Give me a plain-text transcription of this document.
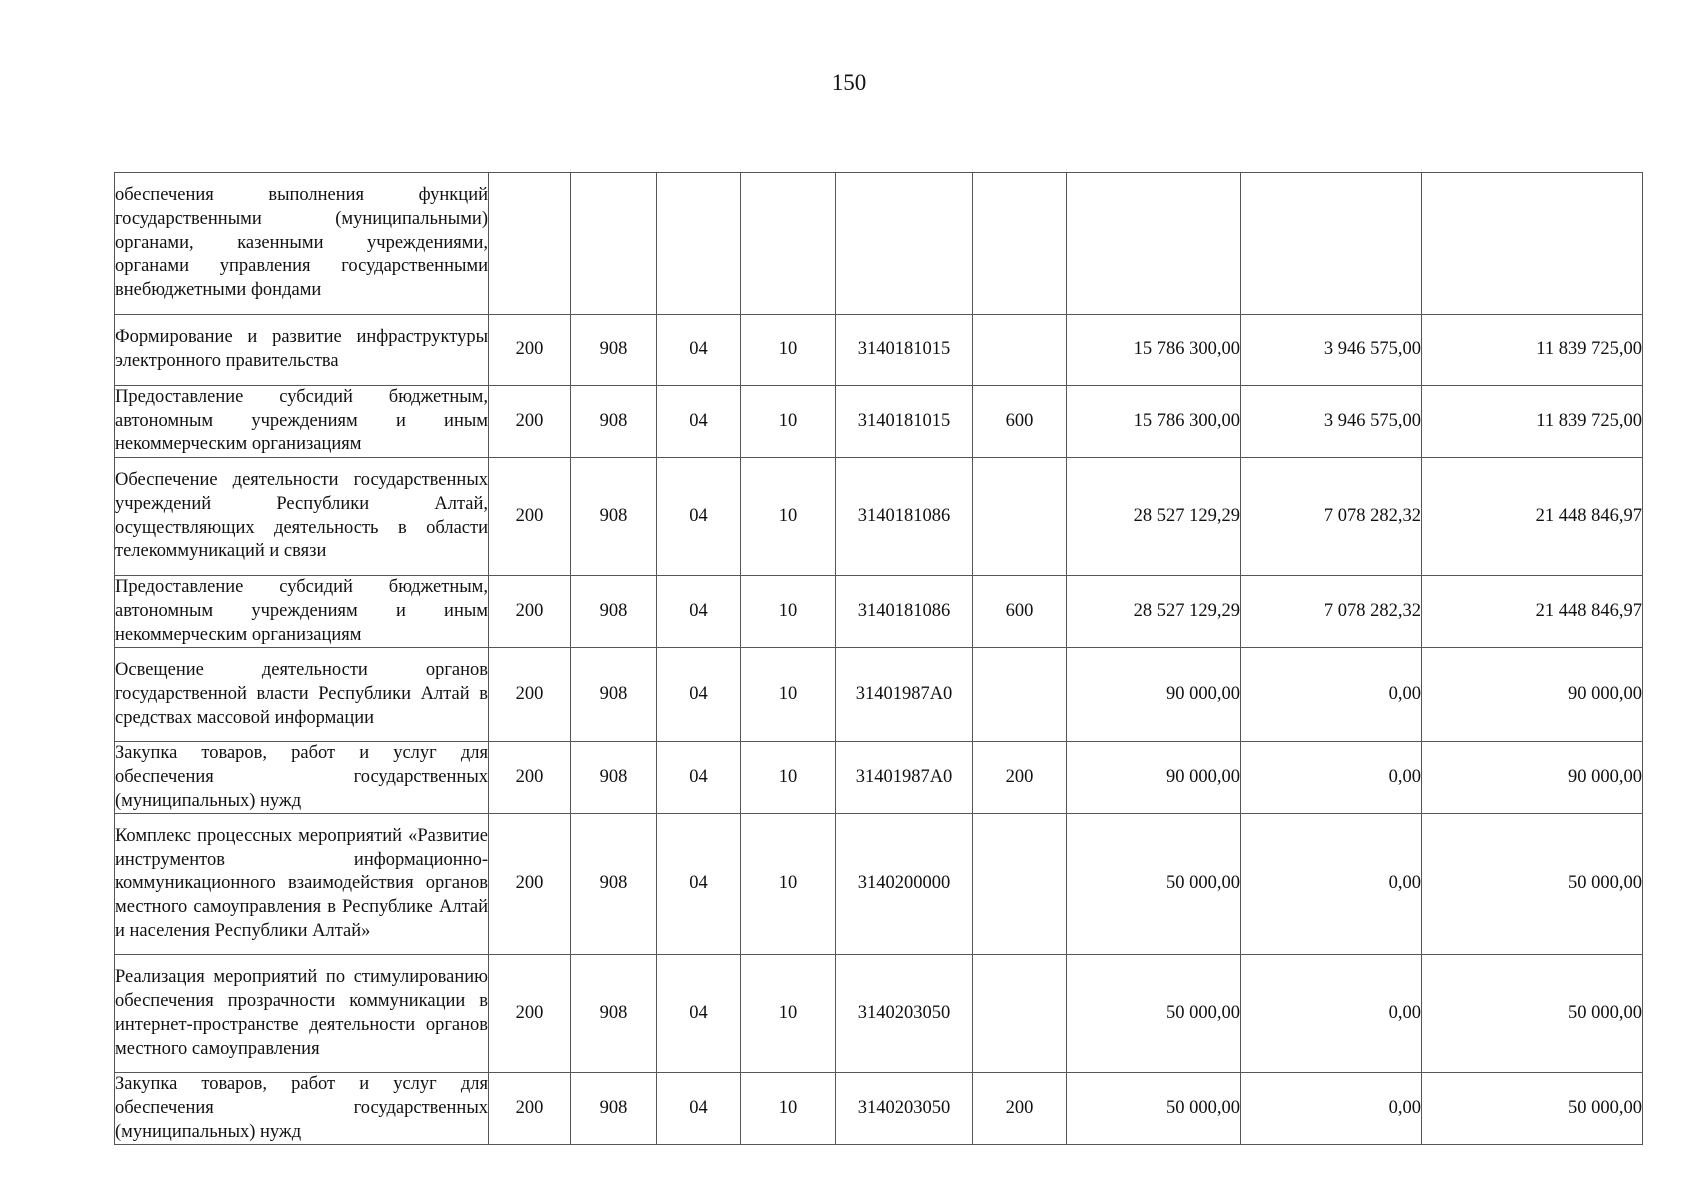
150
обеспечения выполнения функций государственными (муниципальными) органами, казенными учреждениями, органами управления государственными внебюджетными фондами									
Формирование и развитие инфраструктуры электронного правительства	200	908	04	10	3140181015		15 786 300,00	3 946 575,00	11 839 725,00
Предоставление субсидий бюджетным, автономным учреждениям и иным некоммерческим организациям	200	908	04	10	3140181015	600	15 786 300,00	3 946 575,00	11 839 725,00
Обеспечение деятельности государственных учреждений Республики Алтай, осуществляющих деятельность в области телекоммуникаций и связи	200	908	04	10	3140181086		28 527 129,29	7 078 282,32	21 448 846,97
Предоставление субсидий бюджетным, автономным учреждениям и иным некоммерческим организациям	200	908	04	10	3140181086	600	28 527 129,29	7 078 282,32	21 448 846,97
Освещение деятельности органов государственной власти Республики Алтай в средствах массовой информации	200	908	04	10	31401987А0		90 000,00	0,00	90 000,00
Закупка товаров, работ и услуг для обеспечения государственных (муниципальных) нужд	200	908	04	10	31401987А0	200	90 000,00	0,00	90 000,00
Комплекс процессных мероприятий «Развитие инструментов информационно-коммуникационного взаимодействия органов местного самоуправления в Республике Алтай и населения Республики Алтай»	200	908	04	10	3140200000		50 000,00	0,00	50 000,00
Реализация мероприятий по стимулированию обеспечения прозрачности коммуникации в интернет-пространстве деятельности органов местного самоуправления	200	908	04	10	3140203050		50 000,00	0,00	50 000,00
Закупка товаров, работ и услуг для обеспечения государственных (муниципальных) нужд	200	908	04	10	3140203050	200	50 000,00	0,00	50 000,00
